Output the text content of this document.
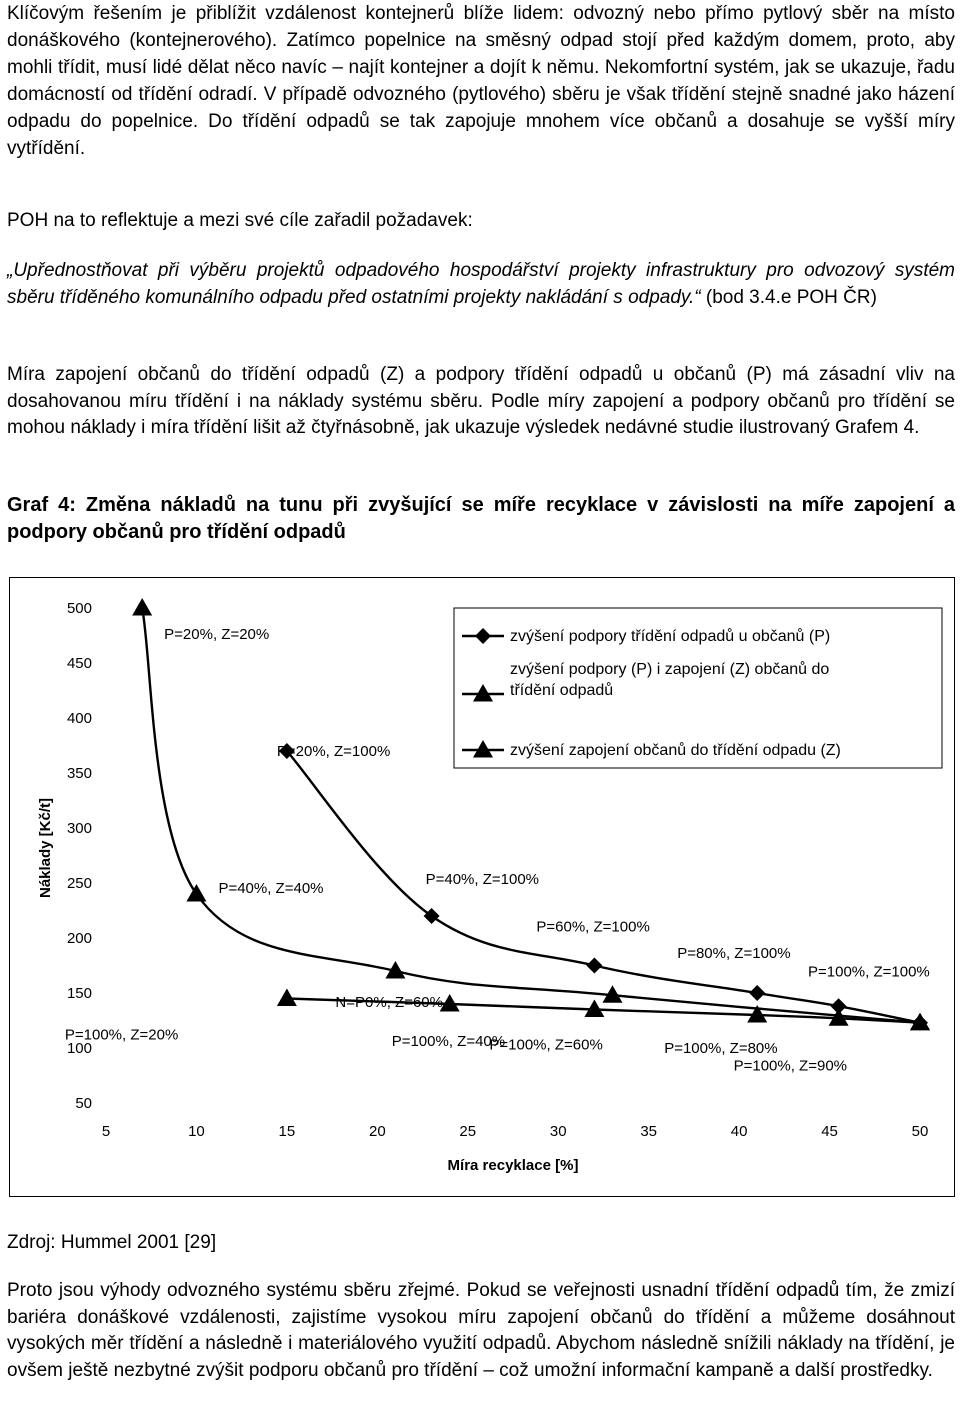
Klíčovým řešením je přiblížit vzdálenost kontejnerů blíže lidem: odvozný nebo přímo pytlový sběr na místo donáškového (kontejnerového). Zatímco popelnice na směsný odpad stojí před každým domem, proto, aby mohli třídit, musí lidé dělat něco navíc – najít kontejner a dojít k němu. Nekomfortní systém, jak se ukazuje, řadu domácností od třídění odradí. V případě odvozného (pytlového) sběru je však třídění stejně snadné jako házení odpadu do popelnice. Do třídění odpadů se tak zapojuje mnohem více občanů a dosahuje se vyšší míry vytřídění.

POH na to reflektuje a mezi své cíle zařadil požadavek:

„Upřednostňovat při výběru projektů odpadového hospodářství projekty infrastruktury pro odvozový systém sběru tříděného komunálního odpadu před ostatními projekty nakládání s odpady.“ (bod 3.4.e POH ČR)

Míra zapojení občanů do třídění odpadů (Z) a podpory třídění odpadů u občanů (P) má zásadní vliv na dosahovanou míru třídění i na náklady systému sběru. Podle míry zapojení a podpory občanů pro třídění se mohou náklady i míra třídění lišit až čtyřnásobně, jak ukazuje výsledek nedávné studie ilustrovaný Grafem 4.

Graf 4: Změna nákladů na tunu při zvyšující se míře recyklace v závislosti na míře zapojení a podpory občanů pro třídění odpadů

5	10	15	20	25	30	35	40	45	50
500
450
400
350
300
250
200
150
100
50
Míra recyklace [%]
Náklady [Kč/t]
P=20%, Z=20%
P=20%, Z=100%
P=40%, Z=40%
P=40%, Z=100%
N=P0%, Z=60%
P=60%, Z=100%
P=80%, Z=100%
P=100%, Z=100%
P=100%, Z=20%	P=100%, Z=40%
P=100%, Z=60%	P=100%, Z=80%
P=100%, Z=90%
zvýšení podpory třídění odpadů u občanů (P)
zvýšení podpory (P) i zapojení (Z) občanů do třídění odpadů
zvýšení zapojení občanů do třídění odpadu (Z)

Zdroj: Hummel 2001 [29]

Proto jsou výhody odvozného systému sběru zřejmé. Pokud se veřejnosti usnadní třídění odpadů tím, že zmizí bariéra donáškové vzdálenosti, zajistíme vysokou míru zapojení občanů do třídění a můžeme dosáhnout vysokých měr třídění a následně i materiálového využití odpadů. Abychom následně snížili náklady na třídění, je ovšem ještě nezbytné zvýšit podporu občanů pro třídění – což umožní informační kampaně a další prostředky.
